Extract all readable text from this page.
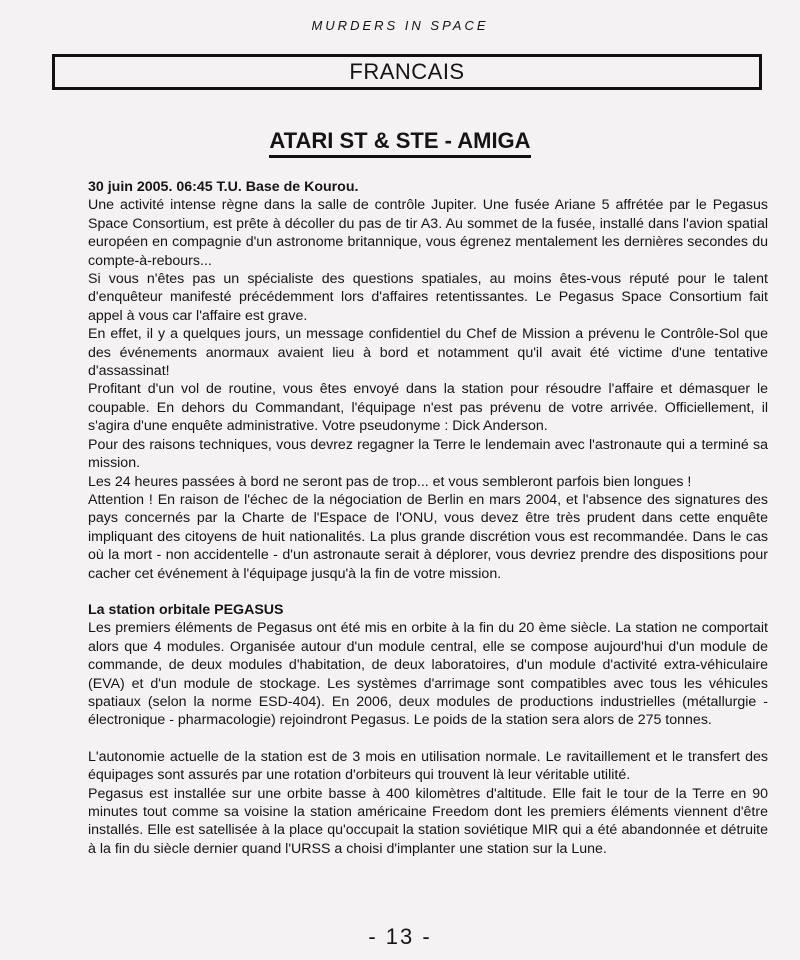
MURDERS IN SPACE
FRANCAIS
ATARI ST & STE - AMIGA

30 juin 2005. 06:45 T.U. Base de Kourou.

Une activité intense règne dans la salle de contrôle Jupiter. Une fusée Ariane 5 affrétée par le Pegasus Space Consortium, est prête à décoller du pas de tir A3. Au sommet de la fusée, installé dans l'avion spatial européen en compagnie d'un astronome britannique, vous égrenez mentalement les dernières secondes du compte-à-rebours...

Si vous n'êtes pas un spécialiste des questions spatiales, au moins êtes-vous réputé pour le talent d'enquêteur manifesté précédemment lors d'affaires retentissantes. Le Pegasus Space Consortium fait appel à vous car l'affaire est grave.

En effet, il y a quelques jours, un message confidentiel du Chef de Mission a prévenu le Contrôle-Sol que des événements anormaux avaient lieu à bord et notamment qu'il avait été victime d'une tentative d'assassinat!

Profitant d'un vol de routine, vous êtes envoyé dans la station pour résoudre l'affaire et démasquer le coupable. En dehors du Commandant, l'équipage n'est pas prévenu de votre arrivée. Officiellement, il s'agira d'une enquête administrative. Votre pseudonyme : Dick Anderson.

Pour des raisons techniques, vous devrez regagner la Terre le lendemain avec l'astronaute qui a terminé sa mission.

Les 24 heures passées à bord ne seront pas de trop... et vous sembleront parfois bien longues !

Attention ! En raison de l'échec de la négociation de Berlin en mars 2004, et l'absence des signatures des pays concernés par la Charte de l'Espace de l'ONU, vous devez être très prudent dans cette enquête impliquant des citoyens de huit nationalités. La plus grande discrétion vous est recommandée. Dans le cas où la mort - non accidentelle - d'un astronaute serait à déplorer, vous devriez prendre des dispositions pour cacher cet événement à l'équipage jusqu'à la fin de votre mission.

La station orbitale PEGASUS

Les premiers éléments de Pegasus ont été mis en orbite à la fin du 20 ème siècle. La station ne comportait alors que 4 modules. Organisée autour d'un module central, elle se compose aujourd'hui d'un module de commande, de deux modules d'habitation, de deux laboratoires, d'un module d'activité extra-véhiculaire (EVA) et d'un module de stockage. Les systèmes d'arrimage sont compatibles avec tous les véhicules spatiaux (selon la norme ESD-404). En 2006, deux modules de productions industrielles (métallurgie - électronique - pharmacologie) rejoindront Pegasus. Le poids de la station sera alors de 275 tonnes.

L'autonomie actuelle de la station est de 3 mois en utilisation normale. Le ravitaillement et le transfert des équipages sont assurés par une rotation d'orbiteurs qui trouvent là leur véritable utilité.

Pegasus est installée sur une orbite basse à 400 kilomètres d'altitude. Elle fait le tour de la Terre en 90 minutes tout comme sa voisine la station américaine Freedom dont les premiers éléments viennent d'être installés. Elle est satellisée à la place qu'occupait la station soviétique MIR qui a été abandonnée et détruite à la fin du siècle dernier quand l'URSS a choisi d'implanter une station sur la Lune.

- 13 -
